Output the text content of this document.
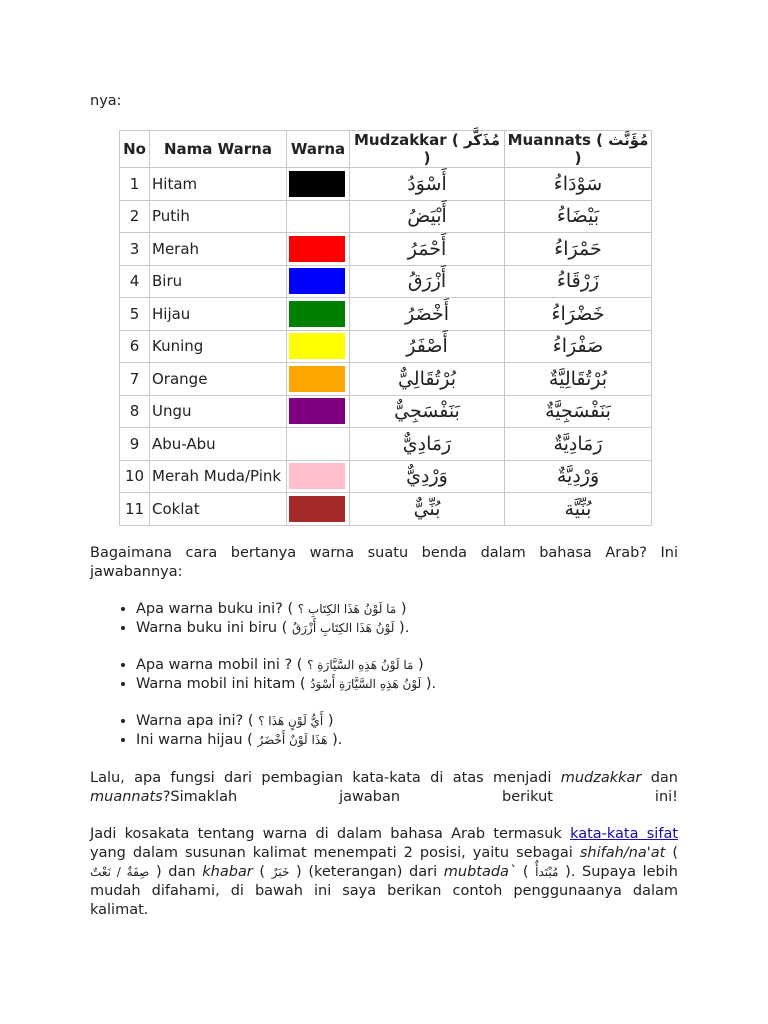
nya:
No	Nama Warna	Warna	Mudzakkar ( مُذَكَّر )	Muannats ( مُؤَنَّث )
1	Hitam		أَسْوَدُ	سَوْدَاءُ
2	Putih		أَبْيَضُ	بَيْضَاءُ
3	Merah		أَحْمَرُ	حَمْرَاءُ
4	Biru		أَزْرَقُ	زَرْقَاءُ
5	Hijau		أَخْضَرُ	خَضْرَاءُ
6	Kuning		أَصْفَرُ	صَفْرَاءُ
7	Orange		بُرْتُقَالِيٌّ	بُرْتُقَالِيَّةٌ
8	Ungu		بَنَفْسَجِيٌّ	بَنَفْسَجِيَّةٌ
9	Abu-Abu		رَمَادِيٌّ	رَمَادِيَّةٌ
10	Merah Muda/Pink		وَرْدِيٌّ	وَرْدِيَّةٌ
11	Coklat		بُنِّيٌّ	بُنِّيَّة

Bagaimana cara bertanya warna suatu benda dalam bahasa Arab? Ini jawabannya:

• Apa warna buku ini? ( مَا لَوْنُ هَذَا الكِتَابِ ؟ )
• Warna buku ini biru ( لَوْنُ هَذَا الكِتَابِ أَزْرَقُ ).
• Apa warna mobil ini ? ( مَا لَوْنُ هَذِهِ السَّيَّارَةِ ؟ )
• Warna mobil ini hitam ( لَوْنُ هَذِهِ السَّيَّارَةِ أَسْوَدُ ).
• Warna apa ini? ( أَيُّ لَوْنٍ هَذَا ؟ )
• Ini warna hijau ( هَذَا لَوْنٌ أَخْضَرُ ).

Lalu, apa fungsi dari pembagian kata-kata di atas menjadi mudzakkar dan muannats?Simaklah jawaban berikut ini!

Jadi kosakata tentang warna di dalam bahasa Arab termasuk kata-kata sifat yang dalam susunan kalimat menempati 2 posisi, yaitu sebagai shifah/na'at ( صِفَةٌ / نَعْتٌ ) dan khabar ( خَبَرٌ ) (keterangan) dari mubtada` ( مُبْتَدأٌ ). Supaya lebih mudah difahami, di bawah ini saya berikan contoh penggunaanya dalam kalimat.
